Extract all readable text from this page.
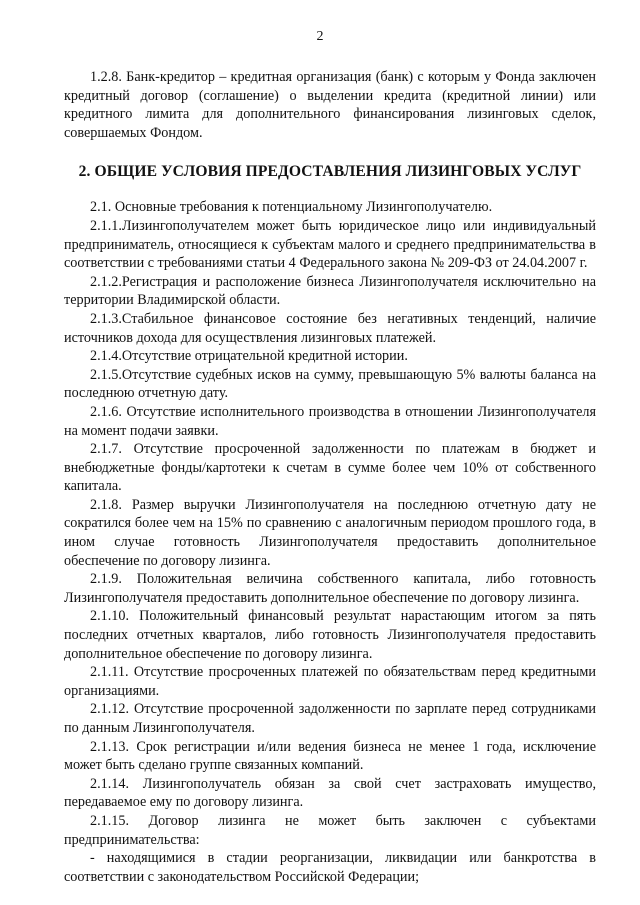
2

1.2.8. Банк-кредитор – кредитная организация (банк) с которым у Фонда заключен кредитный договор (соглашение) о выделении кредита (кредитной линии) или кредитного лимита для дополнительного финансирования лизинговых сделок, совершаемых Фондом.

2. ОБЩИЕ УСЛОВИЯ ПРЕДОСТАВЛЕНИЯ ЛИЗИНГОВЫХ УСЛУГ

2.1. Основные требования к потенциальному Лизингополучателю.

2.1.1.Лизингополучателем может быть юридическое лицо или индивидуальный предприниматель, относящиеся к субъектам малого и среднего предпринимательства в соответствии с требованиями статьи 4 Федерального закона № 209-ФЗ от 24.04.2007 г.

2.1.2.Регистрация и расположение бизнеса Лизингополучателя исключительно на территории Владимирской области.

2.1.3.Стабильное финансовое состояние без негативных тенденций, наличие источников дохода для осуществления лизинговых платежей.

2.1.4.Отсутствие отрицательной кредитной истории.

2.1.5.Отсутствие судебных исков на сумму, превышающую 5% валюты баланса на последнюю отчетную дату.

2.1.6. Отсутствие исполнительного производства в отношении Лизингополучателя на момент подачи заявки.

2.1.7. Отсутствие просроченной задолженности по платежам в бюджет и внебюджетные фонды/картотеки к счетам в сумме более чем 10% от собственного капитала.

2.1.8. Размер выручки Лизингополучателя на последнюю отчетную дату не сократился более чем на 15% по сравнению с аналогичным периодом прошлого года, в ином случае готовность Лизингополучателя предоставить дополнительное обеспечение по договору лизинга.

2.1.9. Положительная величина собственного капитала, либо готовность Лизингополучателя предоставить дополнительное обеспечение по договору лизинга.

2.1.10. Положительный финансовый результат нарастающим итогом за пять последних отчетных кварталов, либо готовность Лизингополучателя предоставить дополнительное обеспечение по договору лизинга.

2.1.11. Отсутствие просроченных платежей по обязательствам перед кредитными организациями.

2.1.12. Отсутствие просроченной задолженности по зарплате перед сотрудниками по данным Лизингополучателя.

2.1.13. Срок регистрации и/или ведения бизнеса не менее 1 года, исключение может быть сделано группе связанных компаний.

2.1.14. Лизингополучатель обязан за свой счет застраховать имущество, передаваемое ему по договору лизинга.

2.1.15. Договор лизинга не может быть заключен с субъектами предпринимательства:

- находящимися в стадии реорганизации, ликвидации или банкротства в соответствии с законодательством Российской Федерации;
